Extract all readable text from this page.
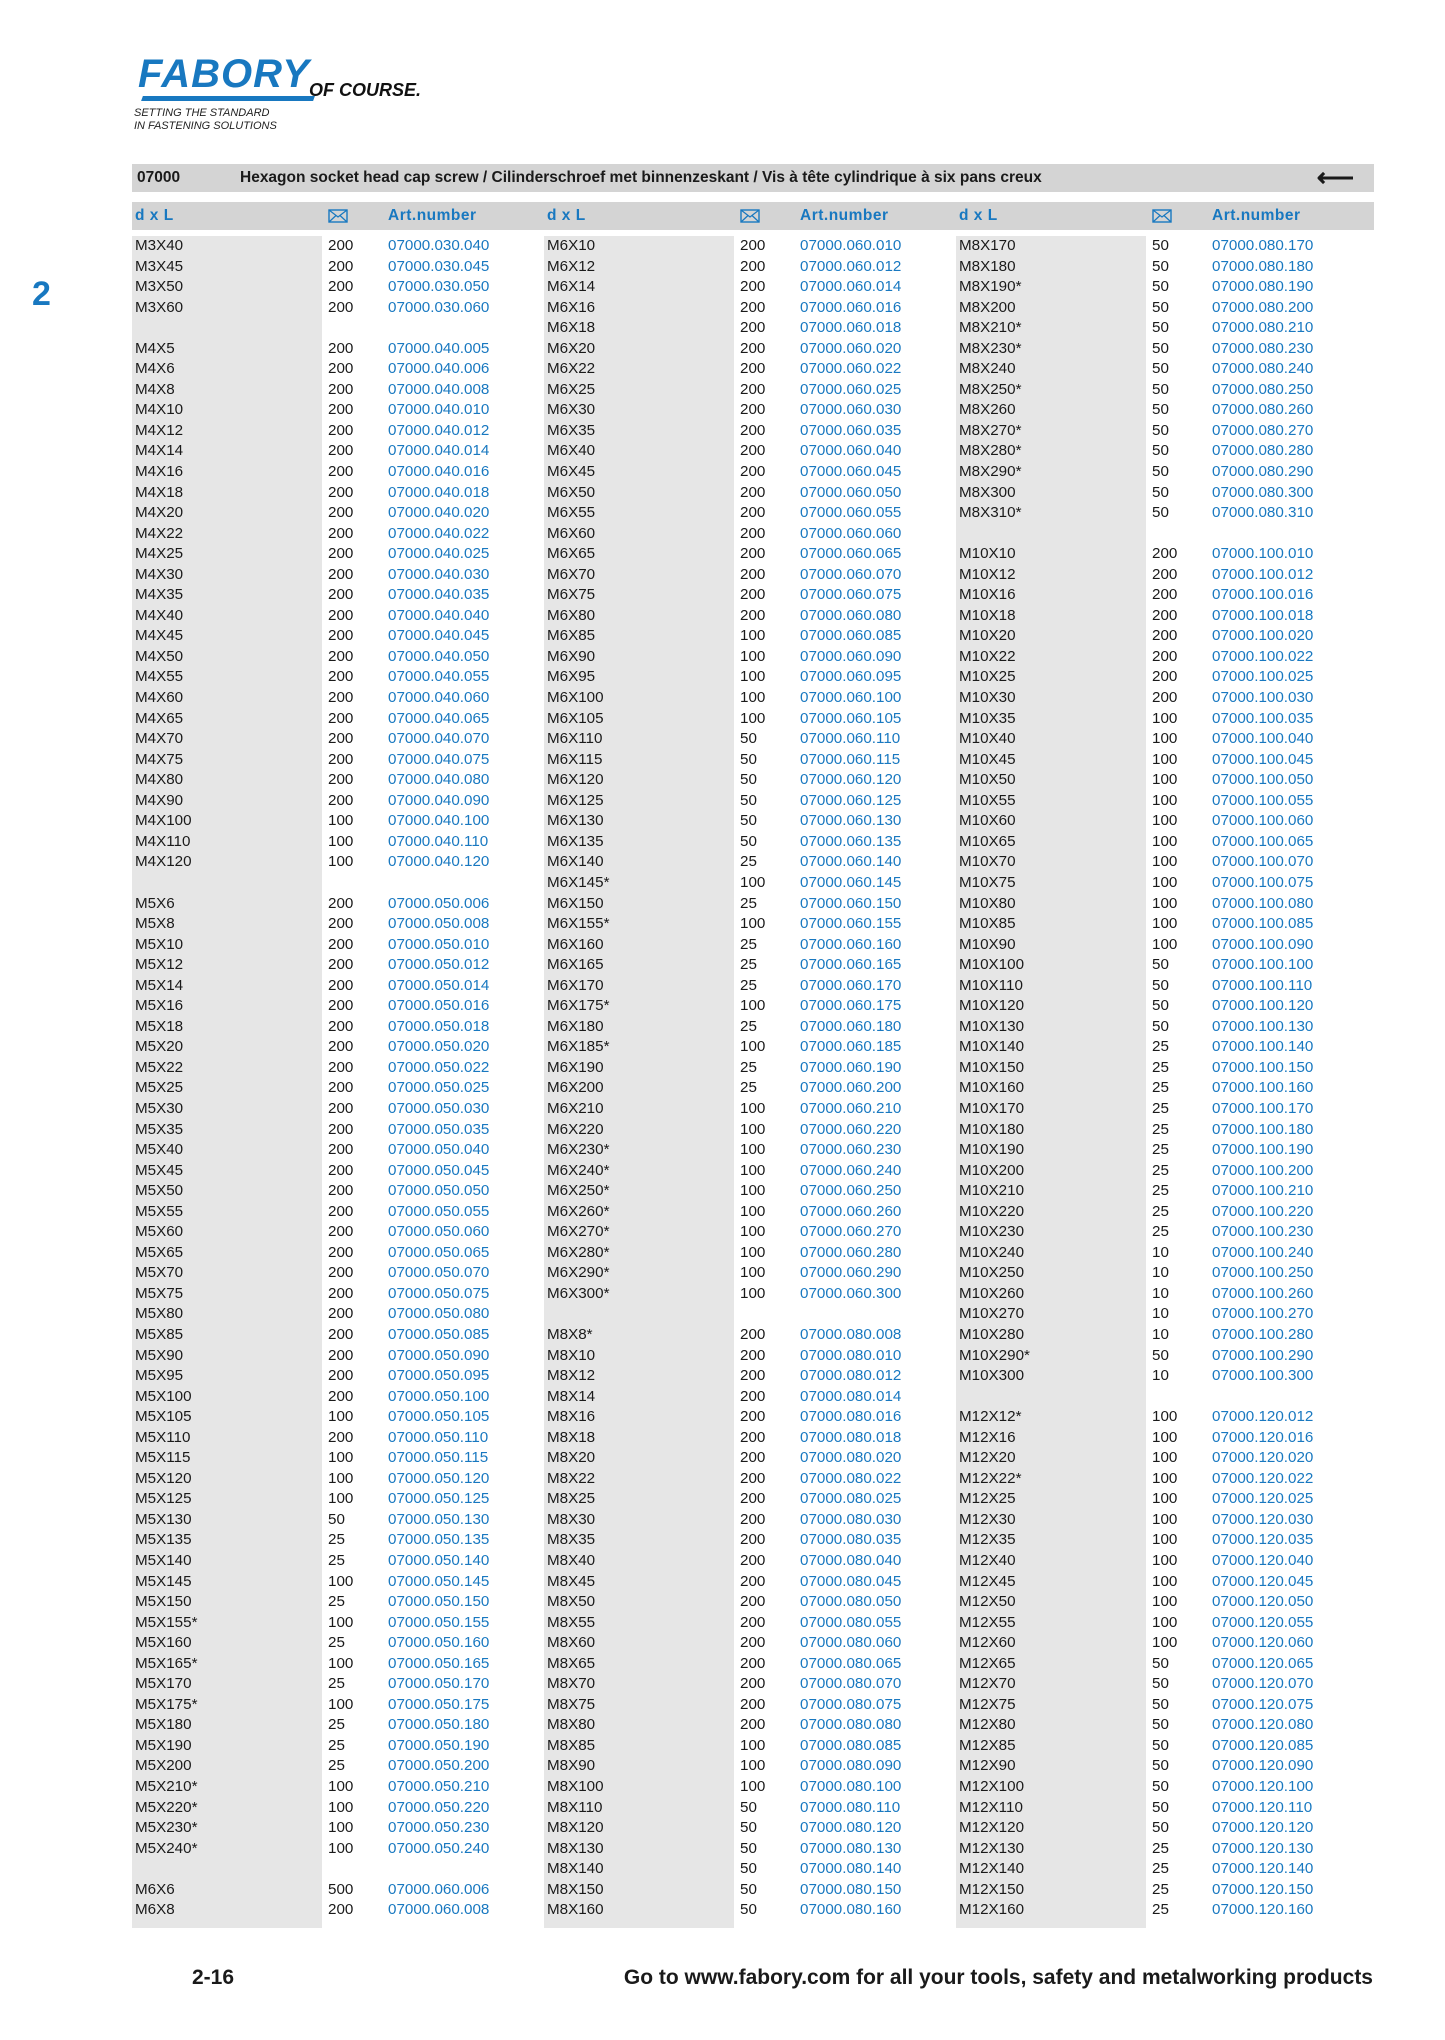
FABORY OF COURSE.
SETTING THE STANDARD
IN FASTENING SOLUTIONS
2
07000	Hexagon socket head cap screw / Cilinderschroef met binnenzeskant / Vis à tête cylindrique à six pans creux	⟵
d x L	Art.number	d x L	Art.number	d x L	Art.number
M3X40	200 07000.030.040
M3X45	200 07000.030.045
M3X50	200 07000.030.050
M3X60	200 07000.030.060
M4X5	200 07000.040.005
M4X6	200 07000.040.006
M4X8	200 07000.040.008
M4X10	200 07000.040.010
M4X12	200 07000.040.012
M4X14	200 07000.040.014
M4X16	200 07000.040.016
M4X18	200 07000.040.018
M4X20	200 07000.040.020
M4X22	200 07000.040.022
M4X25	200 07000.040.025
M4X30	200 07000.040.030
M4X35	200 07000.040.035
M4X40	200 07000.040.040
M4X45	200 07000.040.045
M4X50	200 07000.040.050
M4X55	200 07000.040.055
M4X60	200 07000.040.060
M4X65	200 07000.040.065
M4X70	200 07000.040.070
M4X75	200 07000.040.075
M4X80	200 07000.040.080
M4X90	200 07000.040.090
M4X100	100 07000.040.100
M4X110	100 07000.040.110
M4X120	100 07000.040.120
M5X6	200 07000.050.006
M5X8	200 07000.050.008
M5X10	200 07000.050.010
M5X12	200 07000.050.012
M5X14	200 07000.050.014
M5X16	200 07000.050.016
M5X18	200 07000.050.018
M5X20	200 07000.050.020
M5X22	200 07000.050.022
M5X25	200 07000.050.025
M5X30	200 07000.050.030
M5X35	200 07000.050.035
M5X40	200 07000.050.040
M5X45	200 07000.050.045
M5X50	200 07000.050.050
M5X55	200 07000.050.055
M5X60	200 07000.050.060
M5X65	200 07000.050.065
M5X70	200 07000.050.070
M5X75	200 07000.050.075
M5X80	200 07000.050.080
M5X85	200 07000.050.085
M5X90	200 07000.050.090
M5X95	200 07000.050.095
M5X100	200 07000.050.100
M5X105	100 07000.050.105
M5X110	200 07000.050.110
M5X115	100 07000.050.115
M5X120	100 07000.050.120
M5X125	100 07000.050.125
M5X130	50	07000.050.130
M5X135	25	07000.050.135
M5X140	25	07000.050.140
M5X145	100 07000.050.145
M5X150	25	07000.050.150
M5X155*	100 07000.050.155
M5X160	25	07000.050.160
M5X165*	100 07000.050.165
M5X170	25	07000.050.170
M5X175*	100 07000.050.175
M5X180	25	07000.050.180
M5X190	25	07000.050.190
M5X200	25	07000.050.200
M5X210*	100 07000.050.210
M5X220*	100 07000.050.220
M5X230*	100 07000.050.230
M5X240*	100 07000.050.240
M6X6	500 07000.060.006
M6X8	200 07000.060.008
M6X10	200 07000.060.010
M6X12	200 07000.060.012
M6X14	200 07000.060.014
M6X16	200 07000.060.016
M6X18	200 07000.060.018
M6X20	200 07000.060.020
M6X22	200 07000.060.022
M6X25	200 07000.060.025
M6X30	200 07000.060.030
M6X35	200 07000.060.035
M6X40	200 07000.060.040
M6X45	200 07000.060.045
M6X50	200 07000.060.050
M6X55	200 07000.060.055
M6X60	200 07000.060.060
M6X65	200 07000.060.065
M6X70	200 07000.060.070
M6X75	200 07000.060.075
M6X80	200 07000.060.080
M6X85	100 07000.060.085
M6X90	100 07000.060.090
M6X95	100 07000.060.095
M6X100	100 07000.060.100
M6X105	100 07000.060.105
M6X110	50	07000.060.110
M6X115	50	07000.060.115
M6X120	50	07000.060.120
M6X125	50	07000.060.125
M6X130	50	07000.060.130
M6X135	50	07000.060.135
M6X140	25	07000.060.140
M6X145*	100 07000.060.145
M6X150	25	07000.060.150
M6X155*	100 07000.060.155
M6X160	25	07000.060.160
M6X165	25	07000.060.165
M6X170	25	07000.060.170
M6X175*	100 07000.060.175
M6X180	25	07000.060.180
M6X185*	100 07000.060.185
M6X190	25	07000.060.190
M6X200	25	07000.060.200
M6X210	100 07000.060.210
M6X220	100 07000.060.220
M6X230*	100 07000.060.230
M6X240*	100 07000.060.240
M6X250*	100 07000.060.250
M6X260*	100 07000.060.260
M6X270*	100 07000.060.270
M6X280*	100 07000.060.280
M6X290*	100 07000.060.290
M6X300*	100 07000.060.300
M8X8*	200 07000.080.008
M8X10	200 07000.080.010
M8X12	200 07000.080.012
M8X14	200 07000.080.014
M8X16	200 07000.080.016
M8X18	200 07000.080.018
M8X20	200 07000.080.020
M8X22	200 07000.080.022
M8X25	200 07000.080.025
M8X30	200 07000.080.030
M8X35	200 07000.080.035
M8X40	200 07000.080.040
M8X45	200 07000.080.045
M8X50	200 07000.080.050
M8X55	200 07000.080.055
M8X60	200 07000.080.060
M8X65	200 07000.080.065
M8X70	200 07000.080.070
M8X75	200 07000.080.075
M8X80	200 07000.080.080
M8X85	100 07000.080.085
M8X90	100 07000.080.090
M8X100	100 07000.080.100
M8X110	50	07000.080.110
M8X120	50	07000.080.120
M8X130	50	07000.080.130
M8X140	50	07000.080.140
M8X150	50	07000.080.150
M8X160	50	07000.080.160
M8X170	50	07000.080.170
M8X180	50	07000.080.180
M8X190*	50	07000.080.190
M8X200	50	07000.080.200
M8X210*	50	07000.080.210
M8X230*	50	07000.080.230
M8X240	50	07000.080.240
M8X250*	50	07000.080.250
M8X260	50	07000.080.260
M8X270*	50	07000.080.270
M8X280*	50	07000.080.280
M8X290*	50	07000.080.290
M8X300	50	07000.080.300
M8X310*	50	07000.080.310
M10X10	200 07000.100.010
M10X12	200 07000.100.012
M10X16	200 07000.100.016
M10X18	200 07000.100.018
M10X20	200 07000.100.020
M10X22	200 07000.100.022
M10X25	200 07000.100.025
M10X30	200 07000.100.030
M10X35	100 07000.100.035
M10X40	100 07000.100.040
M10X45	100 07000.100.045
M10X50	100 07000.100.050
M10X55	100 07000.100.055
M10X60	100 07000.100.060
M10X65	100 07000.100.065
M10X70	100 07000.100.070
M10X75	100 07000.100.075
M10X80	100 07000.100.080
M10X85	100 07000.100.085
M10X90	100 07000.100.090
M10X100	50	07000.100.100
M10X110	50	07000.100.110
M10X120	50	07000.100.120
M10X130	50	07000.100.130
M10X140	25	07000.100.140
M10X150	25	07000.100.150
M10X160	25	07000.100.160
M10X170	25	07000.100.170
M10X180	25	07000.100.180
M10X190	25	07000.100.190
M10X200	25	07000.100.200
M10X210	25	07000.100.210
M10X220	25	07000.100.220
M10X230	25	07000.100.230
M10X240	10	07000.100.240
M10X250	10	07000.100.250
M10X260	10	07000.100.260
M10X270	10	07000.100.270
M10X280	10	07000.100.280
M10X290*	50	07000.100.290
M10X300	10	07000.100.300
M12X12*	100 07000.120.012
M12X16	100 07000.120.016
M12X20	100 07000.120.020
M12X22*	100 07000.120.022
M12X25	100 07000.120.025
M12X30	100 07000.120.030
M12X35	100 07000.120.035
M12X40	100 07000.120.040
M12X45	100 07000.120.045
M12X50	100 07000.120.050
M12X55	100 07000.120.055
M12X60	100 07000.120.060
M12X65	50	07000.120.065
M12X70	50	07000.120.070
M12X75	50	07000.120.075
M12X80	50	07000.120.080
M12X85	50	07000.120.085
M12X90	50	07000.120.090
M12X100	50	07000.120.100
M12X110	50	07000.120.110
M12X120	50	07000.120.120
M12X130	25	07000.120.130
M12X140	25	07000.120.140
M12X150	25	07000.120.150
M12X160	25	07000.120.160
2-16	Go to www.fabory.com for all your tools, safety and metalworking products
